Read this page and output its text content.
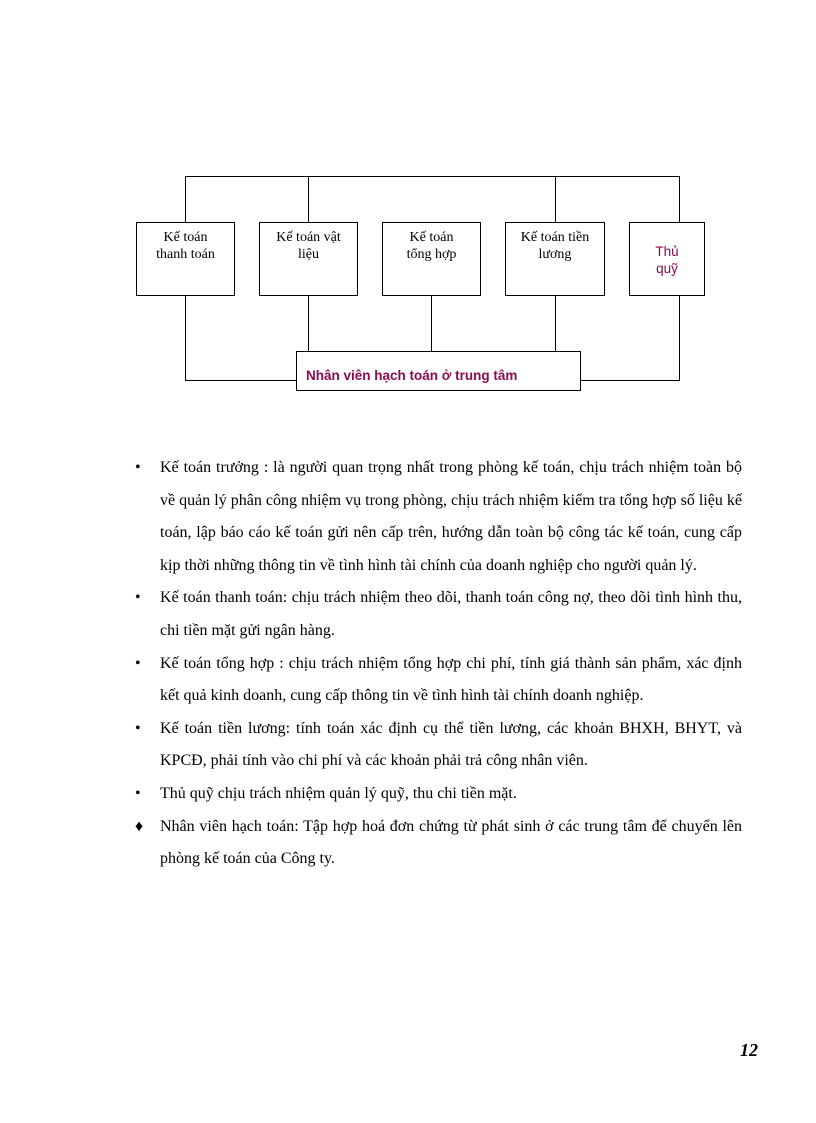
Kế toán
thanh toán
Kế toán vật
liệu
Kế toán
tổng hợp
Kế toán tiền
lương	Thủ
quỹ
Nhân viên hạch toán ở trung tâm
• Kế toán trưởng : là người quan trọng nhất trong phòng kế toán, chịu trách nhiệm toàn bộ về quản lý phân công nhiệm vụ trong phòng, chịu trách nhiệm kiểm tra tổng hợp số liệu kế toán, lập báo cáo kế toán gửi nên cấp trên, hướng dẫn toàn bộ công tác kế toán, cung cấp kịp thời những thông tin về tình hình tài chính của doanh nghiệp cho người quản lý.
• Kế toán thanh toán: chịu trách nhiệm theo dõi, thanh toán công nợ, theo dõi tình hình thu, chi tiền mặt gửi ngân hàng.
• Kế toán tổng hợp : chịu trách nhiệm tổng hợp chi phí, tính giá thành sản phẩm, xác định kết quả kinh doanh, cung cấp thông tin về tình hình tài chính doanh nghiệp.
• Kế toán tiền lương: tính toán xác định cụ thể tiền lương, các khoản BHXH, BHYT, và KPCĐ, phải tính vào chi phí và các khoản phải trả công nhân viên.
• Thủ quỹ chịu trách nhiệm quản lý quỹ, thu chi tiền mặt.
♦ Nhân viên hạch toán: Tập hợp hoá đơn chứng từ phát sinh ở các trung tâm để chuyển lên phòng kế toán của Công ty.
12
